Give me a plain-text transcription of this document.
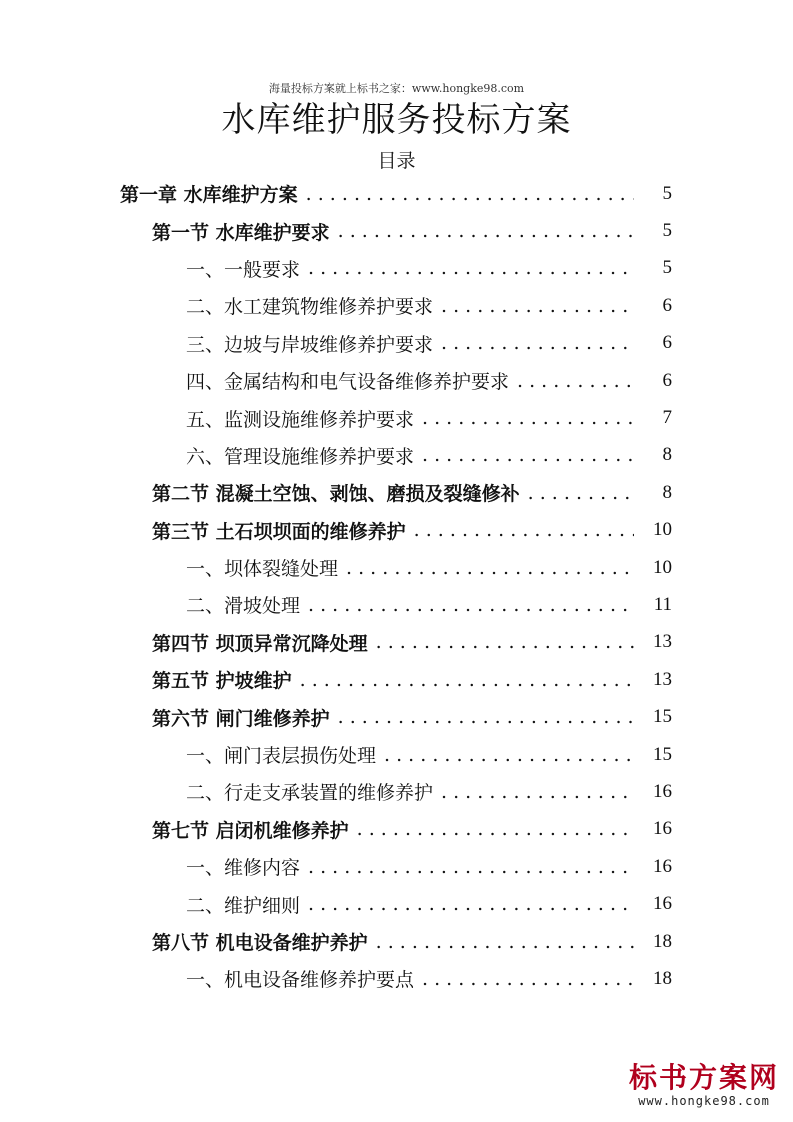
海量投标方案就上标书之家：www.hongke98.com
水库维护服务投标方案
目录
第一章 水库维护方案 . . .	5
第一节 水库维护要求 . . .	5
一、一般要求 . . .	5
二、水工建筑物维修养护要求 . . .	6
三、边坡与岸坡维修养护要求 . . .	6
四、金属结构和电气设备维修养护要求 . . .	6
五、监测设施维修养护要求 . . .	7
六、管理设施维修养护要求 . . .	8
第二节 混凝土空蚀、剥蚀、磨损及裂缝修补 . . .	8
第三节 土石坝坝面的维修养护 . . .	10
一、坝体裂缝处理 . . .	10
二、滑坡处理 . . .	11
第四节 坝顶异常沉降处理 . . .	13
第五节 护坡维护 . . .	13
第六节 闸门维修养护 . . .	15
一、闸门表层损伤处理 . . .	15
二、行走支承装置的维修养护 . . .	16
第七节 启闭机维修养护 . . .	16
一、维修内容 . . .	16
二、维护细则 . . .	16
第八节 机电设备维护养护 . . .	18
一、机电设备维修养护要点 . . .	18
标书方案网
www.hongke98.com
